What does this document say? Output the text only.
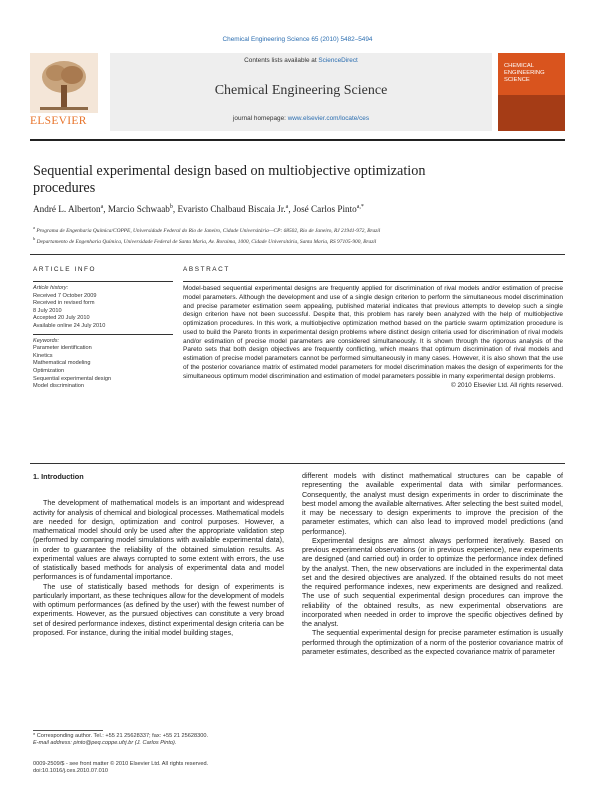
Chemical Engineering Science 65 (2010) 5482–5494
ELSEVIER
Contents lists available at ScienceDirect
Chemical Engineering Science
journal homepage: www.elsevier.com/locate/ces
CHEMICAL ENGINEERING SCIENCE
Sequential experimental design based on multiobjective optimization procedures
André L. Alberton$^a$, Marcio Schwaab$^b$, Evaristo Chalbaud Biscaia Jr.$^a$, José Carlos Pinto$^{a,*}$
$^a$ Programa de Engenharia Química/COPPE, Universidade Federal do Rio de Janeiro, Cidade Universitária—CP: 68502, Rio de Janeiro, RJ 21941-972, Brazil
$^b$ Departamento de Engenharia Química, Universidade Federal de Santa Maria, Av. Roraima, 1000, Cidade Universitária, Santa Maria, RS 97105-900, Brazil
ARTICLE INFO
Article history:
Received 7 October 2009
Received in revised form
8 July 2010
Accepted 20 July 2010
Available online 24 July 2010
Keywords:
Parameter identification
Kinetics
Mathematical modeling
Optimization
Sequential experimental design
Model discrimination
ABSTRACT
Model-based sequential experimental designs are frequently applied for discrimination of rival models and/or estimation of precise model parameters. Although the development and use of a single design criterion to perform the simultaneous model discrimination and precise parameter estimation seem appealing, published material indicates that previous attempts to develop such a single design criterion have not been successful. Despite that, this problem has rarely been analyzed with the help of multiobjective optimization procedures. In this work, a multiobjective optimization method based on the particle swarm optimization procedure is used to build the Pareto fronts in experimental design problems where distinct design criteria used for discrimination of rival models and/or estimation of precise model parameters are considered simultaneously. It is shown through the rigorous analysis of the Pareto sets that both design objectives are frequently conflicting, which means that optimum discrimination of rival models and estimation of precise model parameters cannot be performed simultaneously in many cases. However, it is also shown that the use of the posterior covariance matrix of estimated model parameters for model discrimination makes the design of experiments for the simultaneous optimum model discrimination and estimation of model parameters possible in many experimental design problems.
© 2010 Elsevier Ltd. All rights reserved.
1. Introduction

The development of mathematical models is an important and widespread activity for analysis of chemical and biological processes. Mathematical models are needed for design, optimization and control purposes. However, a mathematical model should only be used after the appropriate validation step (performed by comparing model simulations with available experimental data), in order to guarantee the reliability of the obtained simulation results. As experimental values are always corrupted to some extent with errors, the use of statistically based methods for analysis of experimental data and model performances is of fundamental importance.

The use of statistically based methods for design of experiments is particularly important, as these techniques allow for the development of models with optimum performances (as defined by the user) with the fewest number of experiments. However, as the pursued objectives can constitute a very broad set of desired performance indexes, distinct experimental design criteria can be proposed. For instance, during the initial model building stages,

different models with distinct mathematical structures can be capable of representing the available experimental data with similar performances. Consequently, the analyst must design experiments in order to discriminate the best model among the available alternatives. After selecting the best suited model, it may be necessary to design experiments to improve the precision of the parameter estimates, which can also lead to improved model predictions (and performance).

Experimental designs are almost always performed iteratively. Based on previous experimental observations (or in previous experience), new experiments are designed (and carried out) in order to optimize the performance index defined by the analyst. Then, the new observations are included in the experimental data set and the desired objectives are analyzed. If the obtained results do not meet the required performance indexes, new experiments are designed and realized. The use of such sequential experimental design procedures can improve the reliability of the obtained results, as new experimental observations are incorporated when needed in order to improve the specific objectives defined by the analyst.

The sequential experimental design for precise parameter estimation is usually performed through the optimization of a norm of the posterior covariance matrix of parameter estimates, described as the expected covariance matrix of parameter

* Corresponding author. Tel.: +55 21 25628337; fax: +55 21 25628300.
E-mail address: pinto@peq.coppe.ufrj.br (J. Carlos Pinto).
0009-2509/$ - see front matter © 2010 Elsevier Ltd. All rights reserved.
doi:10.1016/j.ces.2010.07.010
